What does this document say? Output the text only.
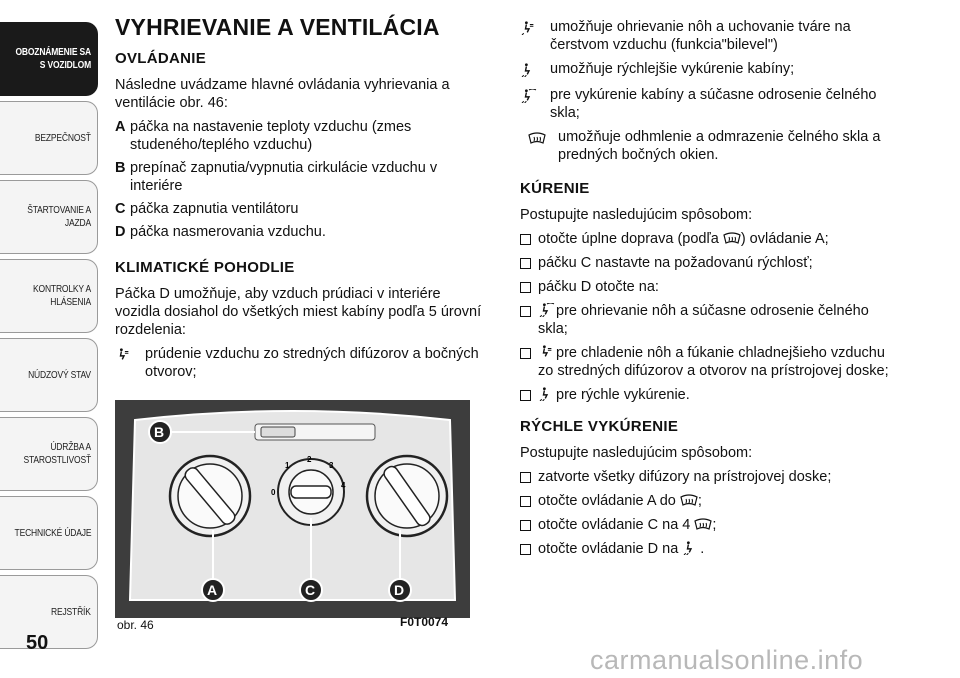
OBOZNÁMENIE SA S VOZIDLOM
BEZPEČNOSŤ
ŠTARTOVANIE A JAZDA
KONTROLKY A HLÁSENIA
NÚDZOVÝ STAV
ÚDRŽBA A STAROSTLIVOSŤ
TECHNICKÉ ÚDAJE
REJSTŘÍK
50
VYHRIEVANIE A VENTILÁCIA
OVLÁDANIE

Následne uvádzame hlavné ovládania vyhrievania a ventilácie obr. 46:

A páčka na nastavenie teploty vzduchu (zmes studeného/teplého vzduchu)
B prepínač zapnutia/vypnutia cirkulácie vzduchu v interiére
C páčka zapnutia ventilátoru
D páčka nasmerovania vzduchu.
KLIMATICKÉ POHODLIE

Páčka D umožňuje, aby vzduch prúdiaci v interiére vozidla dosiahol do všetkých miest kabíny podľa 5 úrovní rozdelenia:

prúdenie vzduchu zo stredných difúzorov a bočných otvorov;
0
1
2
3
4
B
A	C	D
obr. 46	F0T0074
umožňuje ohrievanie nôh a uchovanie tváre na čerstvom vzduchu (funkcia"bilevel")
umožňuje rýchlejšie vykúrenie kabíny;
pre vykúrenie kabíny a súčasne odrosenie čelného skla;
umožňuje odhmlenie a odmrazenie čelného skla a predných bočných okien.
KÚRENIE

Postupujte nasledujúcim spôsobom:

otočte úplne doprava (podľa ) ovládanie A;
páčku C nastavte na požadovanú rýchlosť;
páčku D otočte na:
pre ohrievanie nôh a súčasne odrosenie čelného skla;
pre chladenie nôh a fúkanie chladnejšieho vzduchu zo stredných difúzorov a otvorov na prístrojovej doske;
pre rýchle vykúrenie.
RÝCHLE VYKÚRENIE

Postupujte nasledujúcim spôsobom:

zatvorte všetky difúzory na prístrojovej doske;
otočte ovládanie A do ;
otočte ovládanie C na 4 ;
otočte ovládanie D na .
carmanualsonline.info
